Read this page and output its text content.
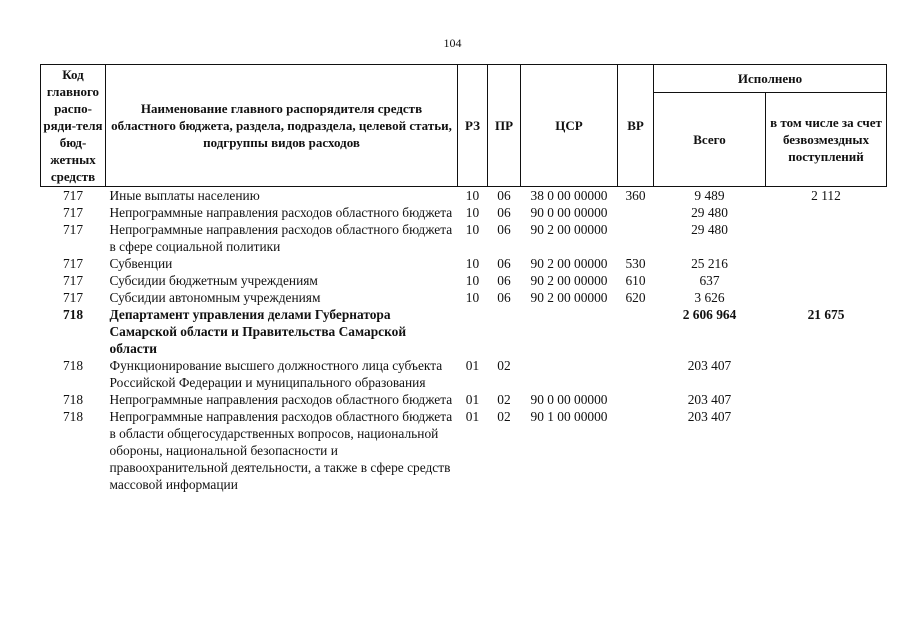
104
Код главного распо-ряди-теля бюд-жетных средств	Наименование главного распорядителя средств областного бюджета, раздела, подраздела, целевой статьи, подгруппы видов расходов	РЗ	ПР	ЦСР	ВР	Исполнено	
						Всего	в том числе за счет безвозмездных поступлений
717	Иные выплаты населению	10	06	38 0 00 00000	360	9 489	2 112
717	Непрограммные направления расходов областного бюджета	10	06	90 0 00 00000		29 480	
717	Непрограммные направления расходов областного бюджета в сфере социальной политики	10	06	90 2 00 00000		29 480	
717	Субвенции	10	06	90 2 00 00000	530	25 216	
717	Субсидии бюджетным учреждениям	10	06	90 2 00 00000	610	637	
717	Субсидии автономным учреждениям	10	06	90 2 00 00000	620	3 626	
718	Департамент управления делами Губернатора Самарской области и Правительства Самарской области					2 606 964	21 675
718	Функционирование высшего должностного лица субъекта Российской Федерации и муниципального образования	01	02			203 407	
718	Непрограммные направления расходов областного бюджета	01	02	90 0 00 00000		203 407	
718	Непрограммные направления расходов областного бюджета в области общегосударственных вопросов, национальной обороны, национальной безопасности и правоохранительной деятельности, а также в сфере средств массовой информации	01	02	90 1 00 00000		203 407	
